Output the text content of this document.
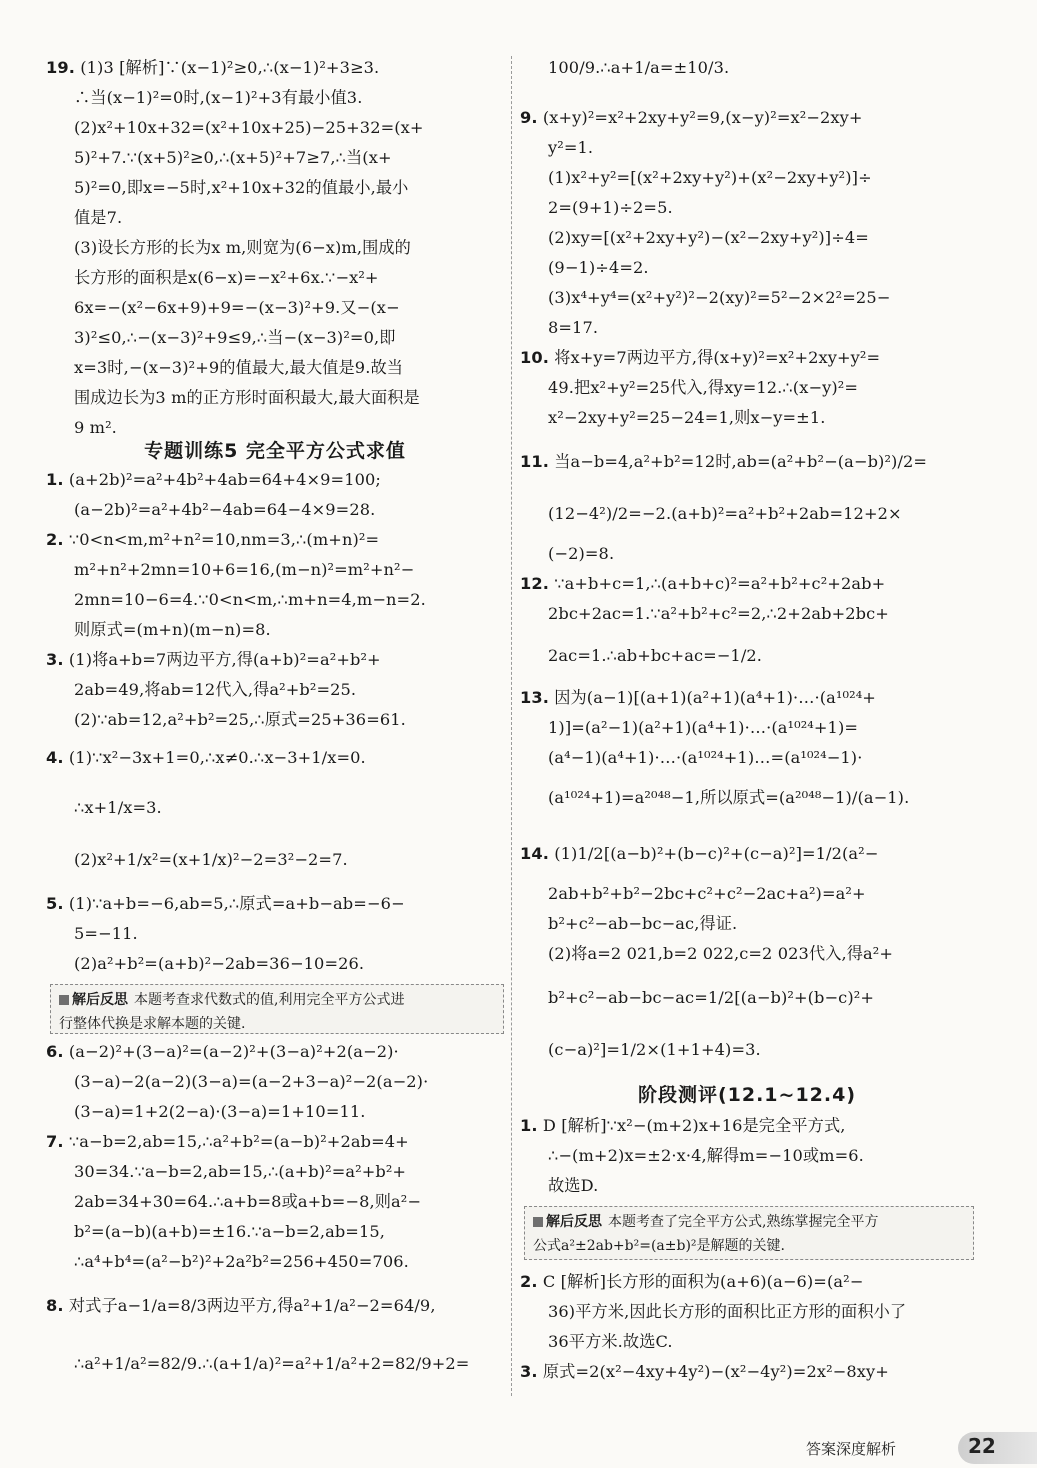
专题训练5 完全平方公式求值
解后反思 本题考查求代数式的值,利用完全平方公式进
行整体代换是求解本题的关键.
19. (1)3 [解析]∵(x−1)²≥0,∴(x−1)²+3≥3.
∴当(x−1)²=0时,(x−1)²+3有最小值3.
(2)x²+10x+32=(x²+10x+25)−25+32=(x+
5)²+7.∵(x+5)²≥0,∴(x+5)²+7≥7,∴当(x+
5)²=0,即x=−5时,x²+10x+32的值最小,最小
值是7.
(3)设长方形的长为x m,则宽为(6−x)m,围成的
长方形的面积是x(6−x)=−x²+6x.∵−x²+
6x=−(x²−6x+9)+9=−(x−3)²+9.又−(x−
3)²≤0,∴−(x−3)²+9≤9,∴当−(x−3)²=0,即
x=3时,−(x−3)²+9的值最大,最大值是9.故当
围成边长为3 m的正方形时面积最大,最大面积是
9 m².
1. (a+2b)²=a²+4b²+4ab=64+4×9=100;
(a−2b)²=a²+4b²−4ab=64−4×9=28.
2. ∵0<n<m,m²+n²=10,nm=3,∴(m+n)²=
m²+n²+2mn=10+6=16,(m−n)²=m²+n²−
2mn=10−6=4.∵0<n<m,∴m+n=4,m−n=2.
则原式=(m+n)(m−n)=8.
3. (1)将a+b=7两边平方,得(a+b)²=a²+b²+
2ab=49,将ab=12代入,得a²+b²=25.
(2)∵ab=12,a²+b²=25,∴原式=25+36=61.
4. (1)∵x²−3x+1=0,∴x≠0.∴x−3+1/x=0.
∴x+1/x=3.
(2)x²+1/x²=(x+1/x)²−2=3²−2=7.
5. (1)∵a+b=−6,ab=5,∴原式=a+b−ab=−6−
5=−11.
(2)a²+b²=(a+b)²−2ab=36−10=26.
6. (a−2)²+(3−a)²=(a−2)²+(3−a)²+2(a−2)·
(3−a)−2(a−2)(3−a)=(a−2+3−a)²−2(a−2)·
(3−a)=1+2(2−a)·(3−a)=1+10=11.
7. ∵a−b=2,ab=15,∴a²+b²=(a−b)²+2ab=4+
30=34.∵a−b=2,ab=15,∴(a+b)²=a²+b²+
2ab=34+30=64.∴a+b=8或a+b=−8,则a²−
b²=(a−b)(a+b)=±16.∵a−b=2,ab=15,
∴a⁴+b⁴=(a²−b²)²+2a²b²=256+450=706.
8. 对式子a−1/a=8/3两边平方,得a²+1/a²−2=64/9,
∴a²+1/a²=82/9.∴(a+1/a)²=a²+1/a²+2=82/9+2=
阶段测评(12.1~12.4)
解后反思 本题考查了完全平方公式,熟练掌握完全平方
公式a²±2ab+b²=(a±b)²是解题的关键.
100/9.∴a+1/a=±10/3.
9. (x+y)²=x²+2xy+y²=9,(x−y)²=x²−2xy+
y²=1.
(1)x²+y²=[(x²+2xy+y²)+(x²−2xy+y²)]÷
2=(9+1)÷2=5.
(2)xy=[(x²+2xy+y²)−(x²−2xy+y²)]÷4=
(9−1)÷4=2.
(3)x⁴+y⁴=(x²+y²)²−2(xy)²=5²−2×2²=25−
8=17.
10. 将x+y=7两边平方,得(x+y)²=x²+2xy+y²=
49.把x²+y²=25代入,得xy=12.∴(x−y)²=
x²−2xy+y²=25−24=1,则x−y=±1.
11. 当a−b=4,a²+b²=12时,ab=(a²+b²−(a−b)²)/2=
(12−4²)/2=−2.(a+b)²=a²+b²+2ab=12+2×
(−2)=8.
12. ∵a+b+c=1,∴(a+b+c)²=a²+b²+c²+2ab+
2bc+2ac=1.∵a²+b²+c²=2,∴2+2ab+2bc+
2ac=1.∴ab+bc+ac=−1/2.
13. 因为(a−1)[(a+1)(a²+1)(a⁴+1)·…·(a¹⁰²⁴+
1)]=(a²−1)(a²+1)(a⁴+1)·…·(a¹⁰²⁴+1)=
(a⁴−1)(a⁴+1)·…·(a¹⁰²⁴+1)…=(a¹⁰²⁴−1)·
(a¹⁰²⁴+1)=a²⁰⁴⁸−1,所以原式=(a²⁰⁴⁸−1)/(a−1).
14. (1)1/2[(a−b)²+(b−c)²+(c−a)²]=1/2(a²−
2ab+b²+b²−2bc+c²+c²−2ac+a²)=a²+
b²+c²−ab−bc−ac,得证.
(2)将a=2 021,b=2 022,c=2 023代入,得a²+
b²+c²−ab−bc−ac=1/2[(a−b)²+(b−c)²+
(c−a)²]=1/2×(1+1+4)=3.
1. D [解析]∵x²−(m+2)x+16是完全平方式,
∴−(m+2)x=±2·x·4,解得m=−10或m=6.
故选D.
2. C [解析]长方形的面积为(a+6)(a−6)=(a²−
36)平方米,因此长方形的面积比正方形的面积小了
36平方米.故选C.
3. 原式=2(x²−4xy+4y²)−(x²−4y²)=2x²−8xy+
答案深度解析	22
